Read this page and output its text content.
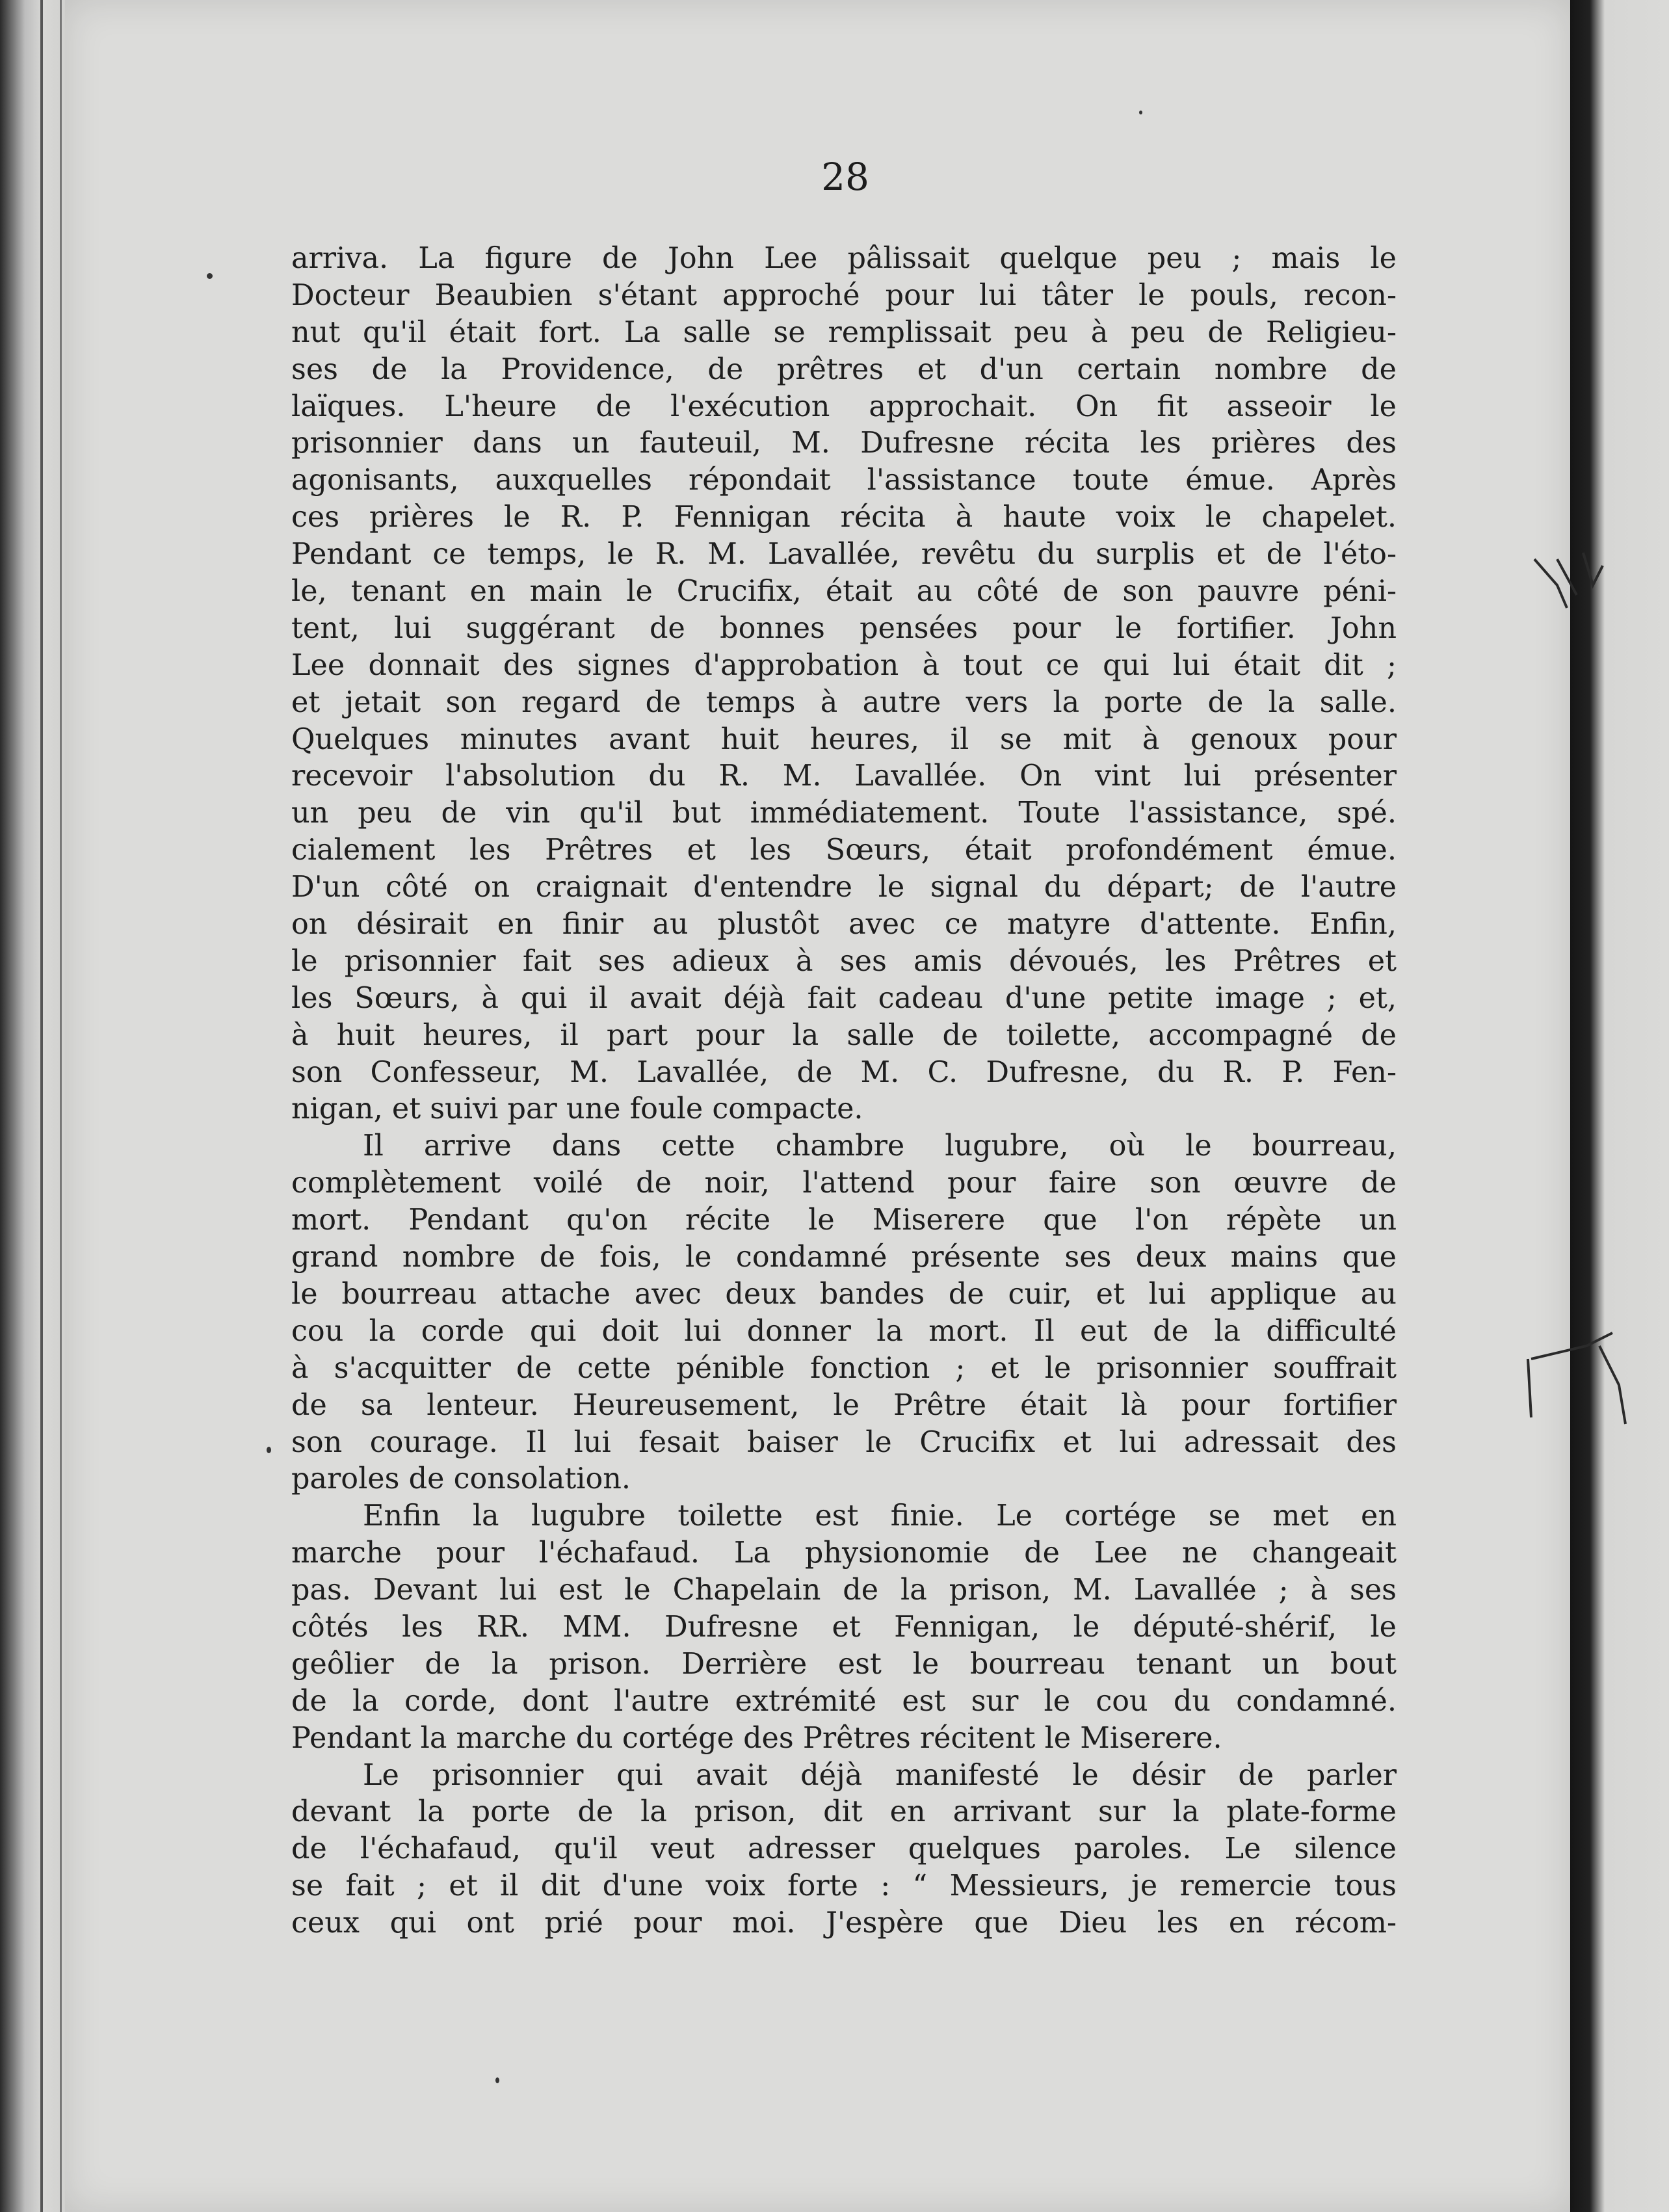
28
arriva. La figure de John Lee pâlissait quelque peu ; mais le
Docteur Beaubien s'étant approché pour lui tâter le pouls, recon-
nut qu'il était fort. La salle se remplissait peu à peu de Religieu-
ses de la Providence, de prêtres et d'un certain nombre de
laïques. L'heure de l'exécution approchait. On fit asseoir le
prisonnier dans un fauteuil, M. Dufresne récita les prières des
agonisants, auxquelles répondait l'assistance toute émue. Après
ces prières le R. P. Fennigan récita à haute voix le chapelet.
Pendant ce temps, le R. M. Lavallée, revêtu du surplis et de l'éto-
le, tenant en main le Crucifix, était au côté de son pauvre péni-
tent, lui suggérant de bonnes pensées pour le fortifier. John
Lee donnait des signes d'approbation à tout ce qui lui était dit ;
et jetait son regard de temps à autre vers la porte de la salle.
Quelques minutes avant huit heures, il se mit à genoux pour
recevoir l'absolution du R. M. Lavallée. On vint lui présenter
un peu de vin qu'il but immédiatement. Toute l'assistance, spé.
cialement les Prêtres et les Sœurs, était profondément émue.
D'un côté on craignait d'entendre le signal du départ; de l'autre
on désirait en finir au plustôt avec ce matyre d'attente. Enfin,
le prisonnier fait ses adieux à ses amis dévoués, les Prêtres et
les Sœurs, à qui il avait déjà fait cadeau d'une petite image ; et,
à huit heures, il part pour la salle de toilette, accompagné de
son Confesseur, M. Lavallée, de M. C. Dufresne, du R. P. Fen-
nigan, et suivi par une foule compacte.
Il arrive dans cette chambre lugubre, où le bourreau,
complètement voilé de noir, l'attend pour faire son œuvre de
mort. Pendant qu'on récite le Miserere que l'on répète un
grand nombre de fois, le condamné présente ses deux mains que
le bourreau attache avec deux bandes de cuir, et lui applique au
cou la corde qui doit lui donner la mort. Il eut de la difficulté
à s'acquitter de cette pénible fonction ; et le prisonnier souffrait
de sa lenteur. Heureusement, le Prêtre était là pour fortifier
son courage. Il lui fesait baiser le Crucifix et lui adressait des
paroles de consolation.
Enfin la lugubre toilette est finie. Le cortége se met en
marche pour l'échafaud. La physionomie de Lee ne changeait
pas. Devant lui est le Chapelain de la prison, M. Lavallée ; à ses
côtés les RR. MM. Dufresne et Fennigan, le député-shérif, le
geôlier de la prison. Derrière est le bourreau tenant un bout
de la corde, dont l'autre extrémité est sur le cou du condamné.
Pendant la marche du cortége des Prêtres récitent le Miserere.
Le prisonnier qui avait déjà manifesté le désir de parler
devant la porte de la prison, dit en arrivant sur la plate-forme
de l'échafaud, qu'il veut adresser quelques paroles. Le silence
se fait ; et il dit d'une voix forte : “ Messieurs, je remercie tous
ceux qui ont prié pour moi. J'espère que Dieu les en récom-
